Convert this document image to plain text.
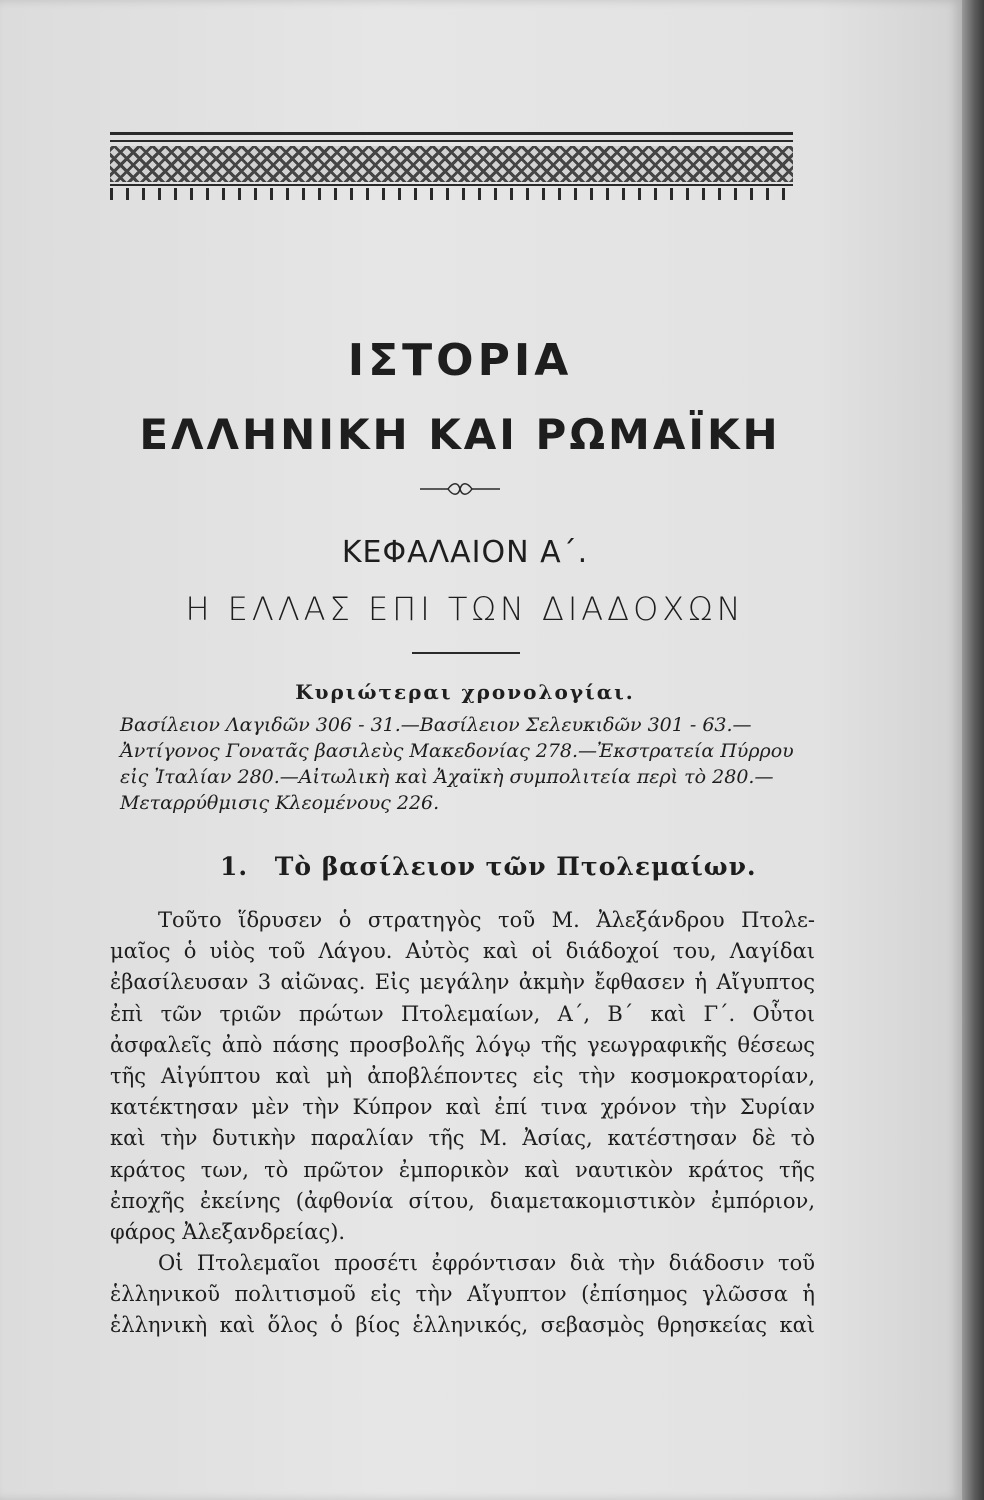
ΙΣΤΟΡΙΑ
ΕΛΛΗΝΙΚΗ ΚΑΙ ΡΩΜΑΪΚΗ
ΚΕΦΑΛΑΙΟΝ Α΄.
Η ΕΛΛΑΣ ΕΠΙ ΤΩΝ ΔΙΑΔΟΧΩΝ
Κυριώτεραι χρονολογίαι.
Βασίλειον Λαγιδῶν 306 - 31.—Βασίλειον Σελευκιδῶν 301 - 63.—
Ἀντίγονος Γονατᾶς βασιλεὺς Μακεδονίας 278.—Ἐκστρατεία Πύρρου
εἰς Ἰταλίαν 280.—Αἰτωλικὴ καὶ Ἀχαϊκὴ συμπολιτεία περὶ τὸ 280.—
Μεταρρύθμισις Κλεομένους 226.
1. Τὸ βασίλειον τῶν Πτολεμαίων.
Τοῦτο ἵδρυσεν ὁ στρατηγὸς τοῦ Μ. Ἀλεξάνδρου Πτολε-
μαῖος ὁ υἱὸς τοῦ Λάγου. Αὐτὸς καὶ οἱ διάδοχοί του, Λαγίδαι
ἐβασίλευσαν 3 αἰῶνας. Εἰς μεγάλην ἀκμὴν ἔφθασεν ἡ Αἴγυπτος
ἐπὶ τῶν τριῶν πρώτων Πτολεμαίων, Α΄, Β΄ καὶ Γ΄. Οὗτοι
ἀσφαλεῖς ἀπὸ πάσης προσβολῆς λόγῳ τῆς γεωγραφικῆς θέσεως
τῆς Αἰγύπτου καὶ μὴ ἀποβλέποντες εἰς τὴν κοσμοκρατορίαν,
κατέκτησαν μὲν τὴν Κύπρον καὶ ἐπί τινα χρόνον τὴν Συρίαν
καὶ τὴν δυτικὴν παραλίαν τῆς Μ. Ἀσίας, κατέστησαν δὲ τὸ
κράτος των, τὸ πρῶτον ἐμπορικὸν καὶ ναυτικὸν κράτος τῆς
ἐποχῆς ἐκείνης (ἀφθονία σίτου, διαμετακομιστικὸν ἐμπόριον,
φάρος Ἀλεξανδρείας).
Οἱ Πτολεμαῖοι προσέτι ἐφρόντισαν διὰ τὴν διάδοσιν τοῦ
ἑλληνικοῦ πολιτισμοῦ εἰς τὴν Αἴγυπτον (ἐπίσημος γλῶσσα ἡ
ἑλληνικὴ καὶ ὅλος ὁ βίος ἑλληνικός, σεβασμὸς θρησκείας καὶ
